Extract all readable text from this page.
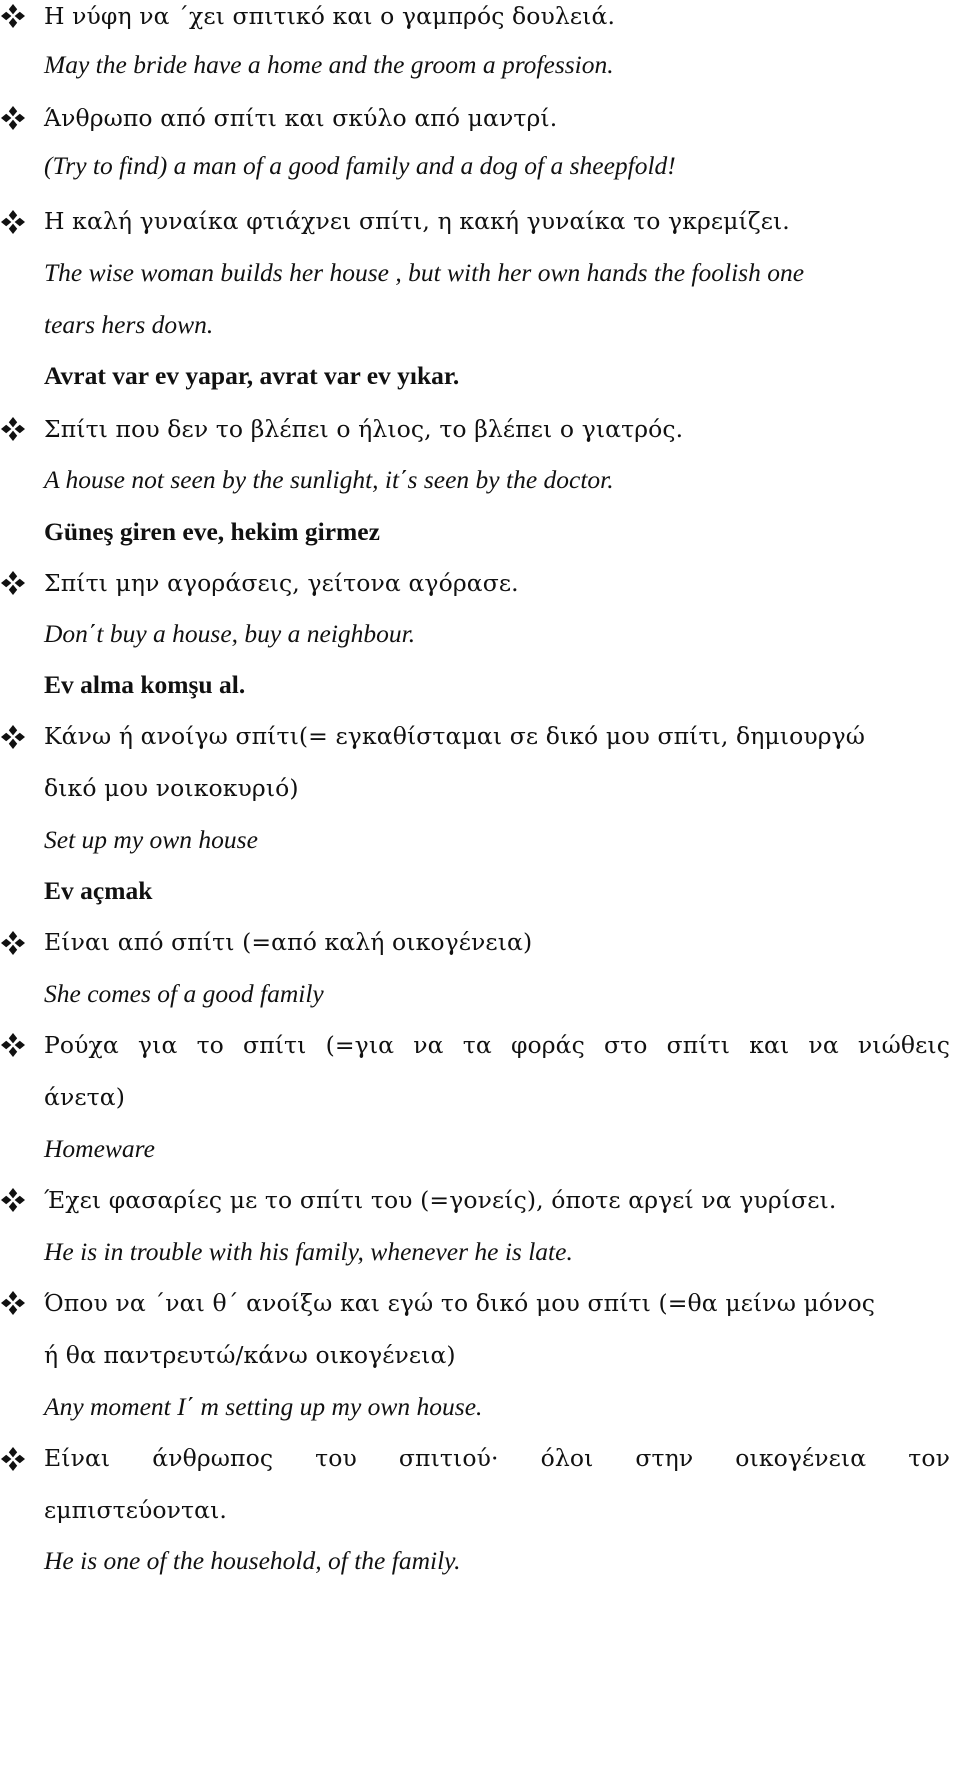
Η νύφη να ΄χει σπιτικό και ο γαμπρός δουλειά.
May the bride have a home and the groom a profession.
Άνθρωπο από σπίτι και σκύλο από μαντρί.
(Try to find) a man of a good family and a dog of a sheepfold!
Η καλή γυναίκα φτιάχνει σπίτι, η κακή γυναίκα το γκρεμίζει.
The wise woman builds her house , but with her own hands the foolish one
tears hers down.
Avrat var ev yapar, avrat var ev yıkar.
Σπίτι που δεν το βλέπει ο ήλιος, το βλέπει ο γιατρός.
A house not seen by the sunlight, it΄s seen by the doctor.
Güneş giren eve, hekim girmez
Σπίτι μην αγοράσεις, γείτονα αγόρασε.
Don΄t buy a house, buy a neighbour.
Ev alma komşu al.
Κάνω ή ανοίγω σπίτι(= εγκαθίσταμαι σε δικό μου σπίτι, δημιουργώ
δικό μου νοικοκυριό)
Set up my own house
Ev açmak
Είναι από σπίτι (=από καλή οικογένεια)
She comes of a good family
Ρούχα για το σπίτι (=για να τα φοράς στο σπίτι και να νιώθεις
άνετα)
Homeware
Έχει φασαρίες με το σπίτι του (=γονείς), όποτε αργεί να γυρίσει.
He is in trouble with his family, whenever he is late.
Όπου να ΄ναι θ΄ ανοίξω και εγώ το δικό μου σπίτι (=θα μείνω μόνος
ή θα παντρευτώ/κάνω οικογένεια)
Any moment I΄ m setting up my own house.
Είναι άνθρωπος του σπιτιού· όλοι στην οικογένεια τον
εμπιστεύονται.
He is one of the household, of the family.
